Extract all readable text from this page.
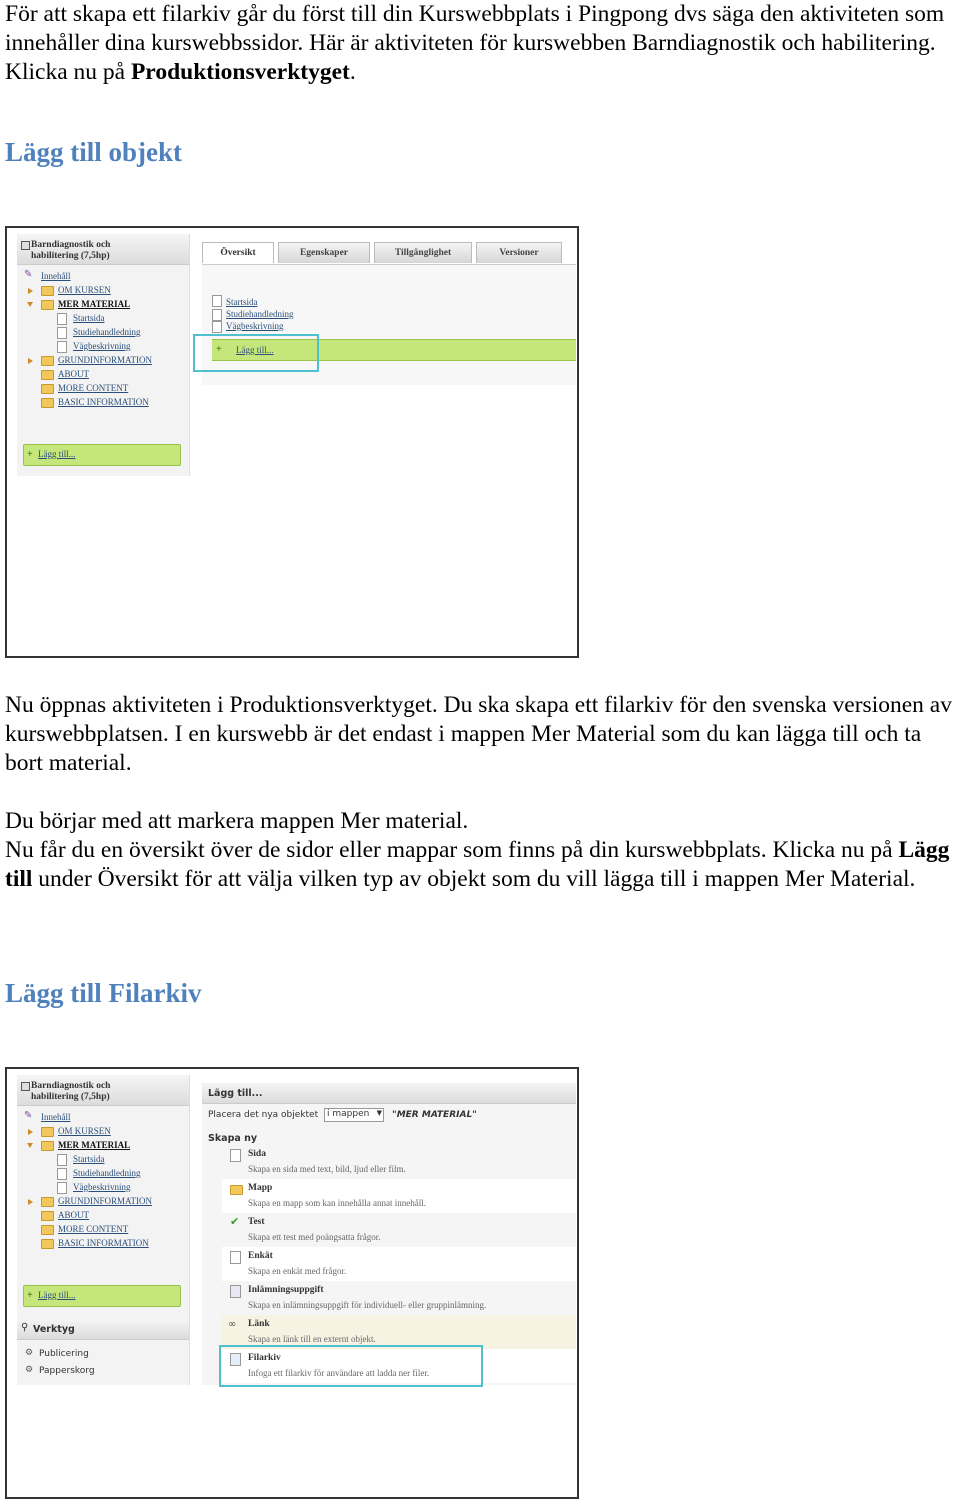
För att skapa ett filarkiv går du först till din Kurswebbplats i Pingpong dvs säga den aktiviteten som innehåller dina kurswebbssidor. Här är aktiviteten för kurswebben Barndiagnostik och habilitering. Klicka nu på Produktionsverktyget.

Lägg till objekt
Barndiagnostik och
habilitering (7,5hp)
✎ Innehåll
OM KURSEN
MER MATERIAL
Startsida
Studiehandledning
Vägbeskrivning
GRUNDINFORMATION
ABOUT
MORE CONTENT
BASIC INFORMATION
+ Lägg till...
Översikt	Egenskaper	Tillgänglighet	Versioner
Startsida
Studiehandledning
Vägbeskrivning
+ Lägg till...

Nu öppnas aktiviteten i Produktionsverktyget. Du ska skapa ett filarkiv för den svenska versionen av kurswebbplatsen. I en kurswebb är det endast i mappen Mer Material som du kan lägga till och ta bort material.

Du börjar med att markera mappen Mer material.

Nu får du en översikt över de sidor eller mappar som finns på din kurswebbplats. Klicka nu på Lägg till under Översikt för att välja vilken typ av objekt som du vill lägga till i mappen Mer Material.

Lägg till Filarkiv
Barndiagnostik och
habilitering (7,5hp)
✎ Innehåll
OM KURSEN
MER MATERIAL
Startsida
Studiehandledning
Vägbeskrivning
GRUNDINFORMATION
ABOUT
MORE CONTENT
BASIC INFORMATION
+ Lägg till...
⚲ Verktyg
⚙ Publicering
⚙ Papperskorg
Lägg till...
Placera det nya objektet i mappen ▼ "MER MATERIAL"
Skapa ny
Sida
Skapa en sida med text, bild, ljud eller film.
Mapp
Skapa en mapp som kan innehålla annat innehåll.
✔ Test
Skapa ett test med poängsatta frågor.
Enkät
Skapa en enkät med frågor.
Inlämningsuppgift
Skapa en inlämningsuppgift för individuell- eller gruppinlämning.
∞ Länk
Skapa en länk till en externt objekt.
Filarkiv
Infoga ett filarkiv för användare att ladda ner filer.
